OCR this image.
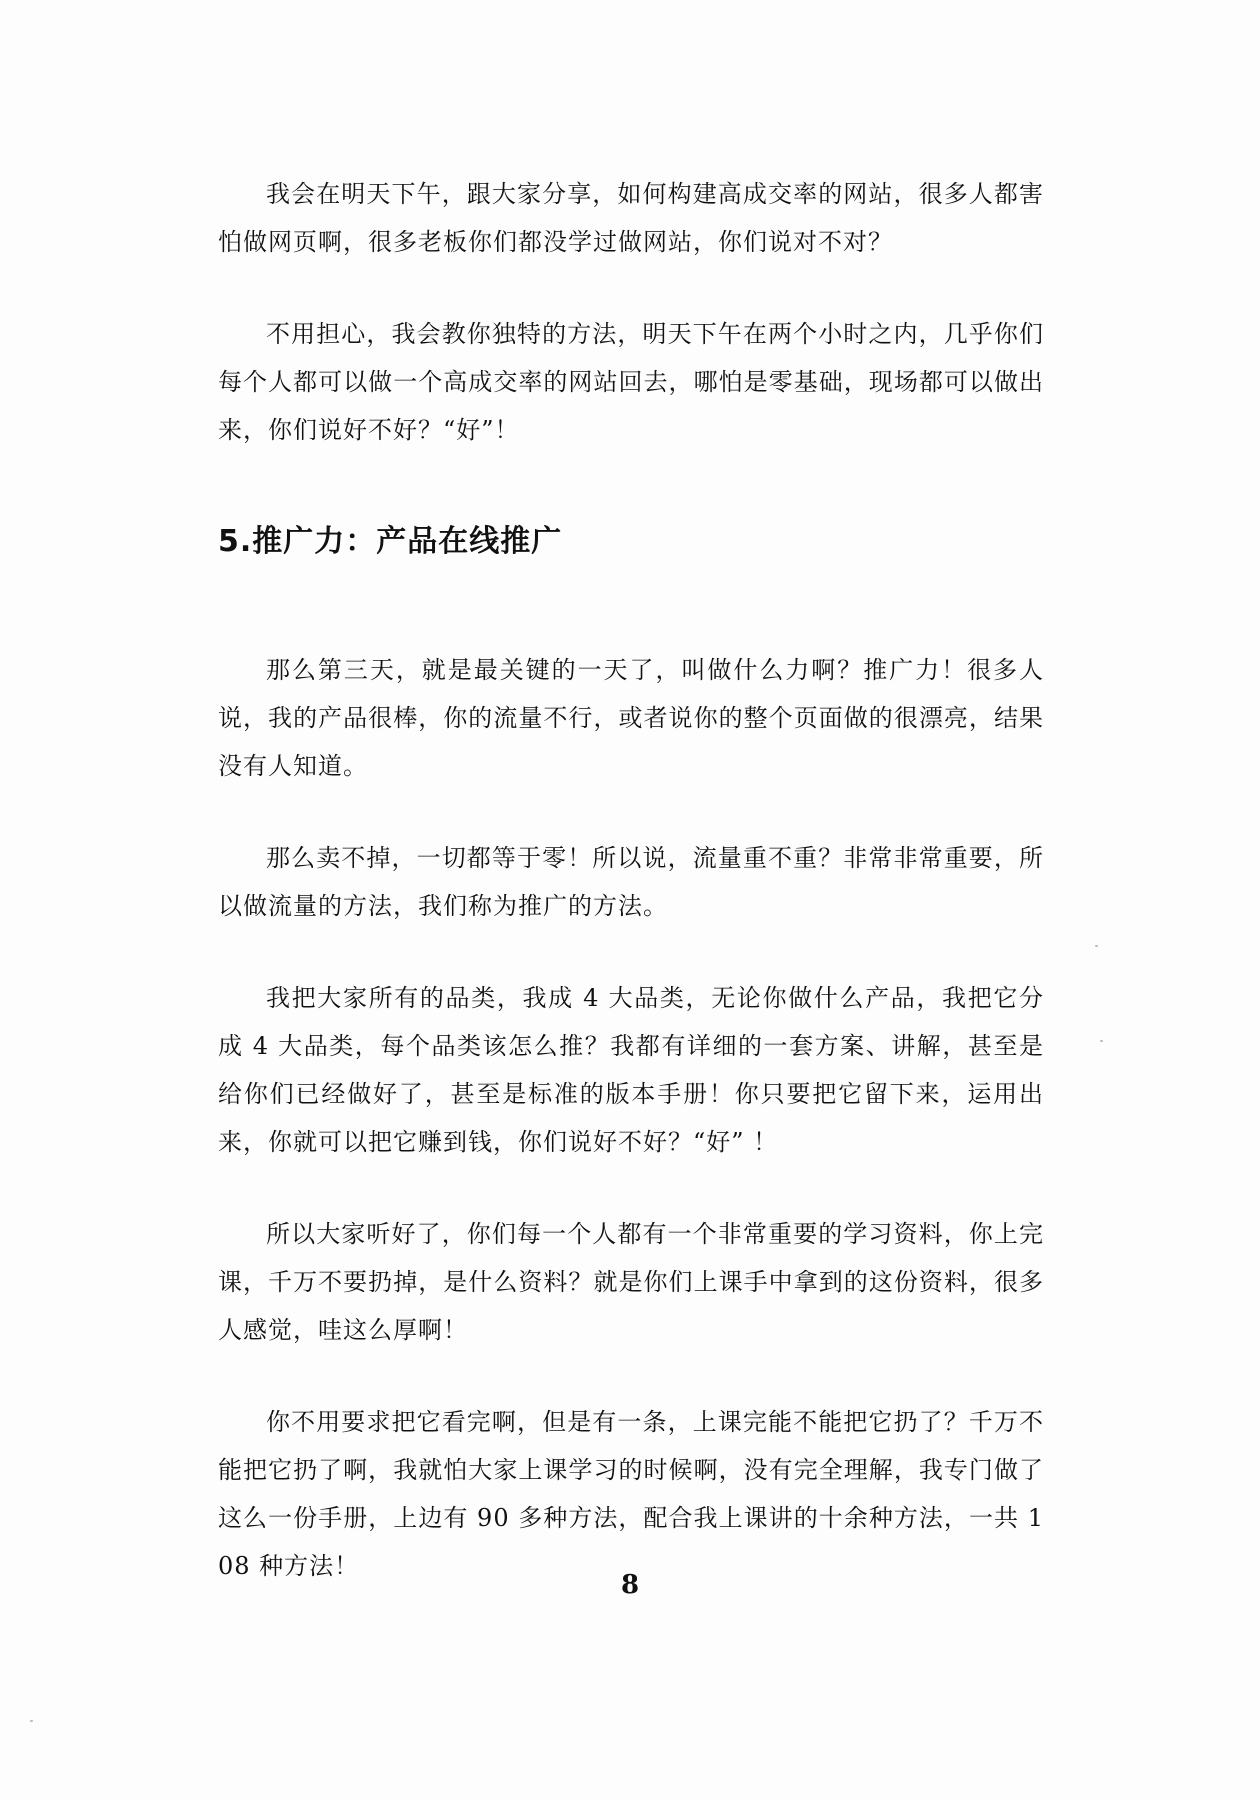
我会在明天下午，跟大家分享，如何构建高成交率的网站，很多人都害怕做网页啊，很多老板你们都没学过做网站，你们说对不对？

不用担心，我会教你独特的方法，明天下午在两个小时之内，几乎你们每个人都可以做一个高成交率的网站回去，哪怕是零基础，现场都可以做出来，你们说好不好？“好”！

5.推广力：产品在线推广

那么第三天，就是最关键的一天了，叫做什么力啊？推广力！很多人说，我的产品很棒，你的流量不行，或者说你的整个页面做的很漂亮，结果没有人知道。

那么卖不掉，一切都等于零！所以说，流量重不重？非常非常重要，所以做流量的方法，我们称为推广的方法。

我把大家所有的品类，我成 4 大品类，无论你做什么产品，我把它分成 4 大品类，每个品类该怎么推？我都有详细的一套方案、讲解，甚至是给你们已经做好了，甚至是标准的版本手册！你只要把它留下来，运用出来，你就可以把它赚到钱，你们说好不好？“好” ！

所以大家听好了，你们每一个人都有一个非常重要的学习资料，你上完课，千万不要扔掉，是什么资料？就是你们上课手中拿到的这份资料，很多人感觉，哇这么厚啊！

你不用要求把它看完啊，但是有一条，上课完能不能把它扔了？千万不能把它扔了啊，我就怕大家上课学习的时候啊，没有完全理解，我专门做了这么一份手册，上边有 90 多种方法，配合我上课讲的十余种方法，一共 108 种方法！

8
